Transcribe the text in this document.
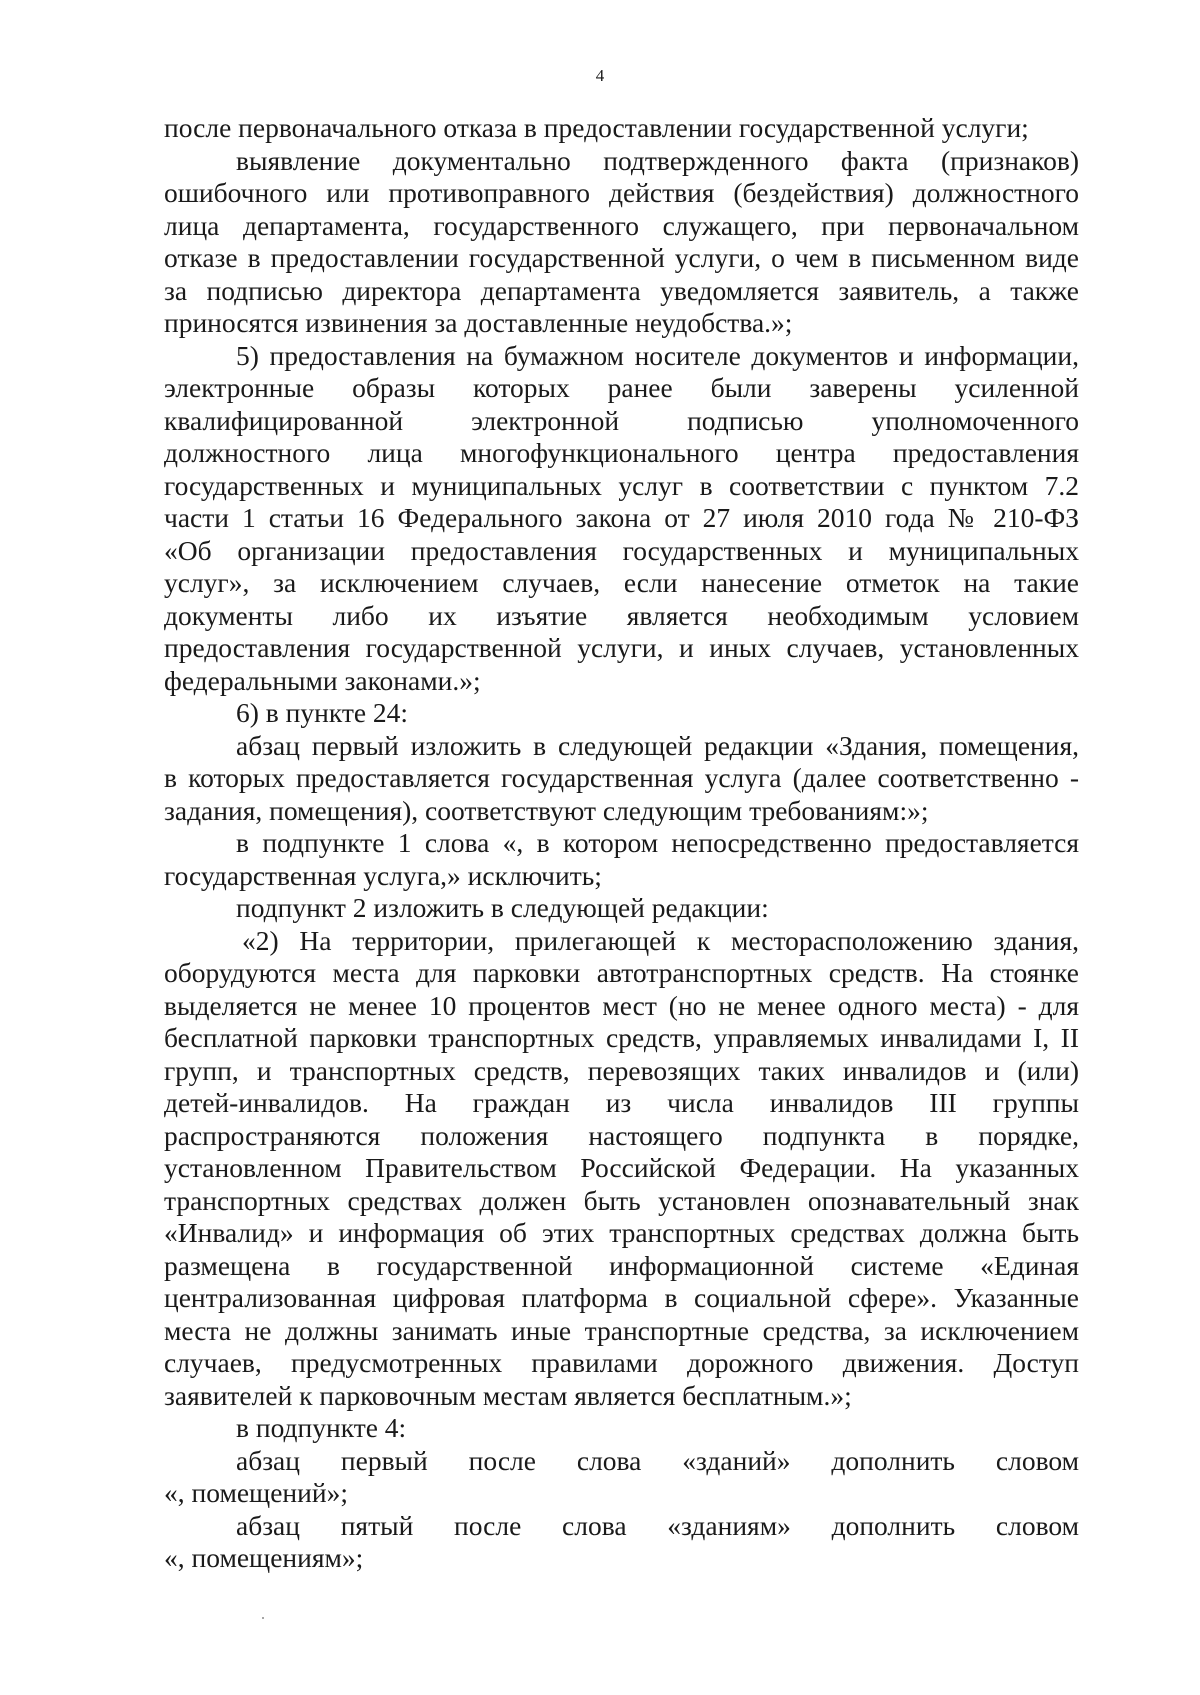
4
после первоначального отказа в предоставлении государственной услуги;
выявление документально подтвержденного факта (признаков)
ошибочного или противоправного действия (бездействия) должностного
лица департамента, государственного служащего, при первоначальном
отказе в предоставлении государственной услуги, о чем в письменном виде
за подписью директора департамента уведомляется заявитель, а также
приносятся извинения за доставленные неудобства.»;
5) предоставления на бумажном носителе документов и информации,
электронные образы которых ранее были заверены усиленной
квалифицированной электронной подписью уполномоченного
должностного лица многофункционального центра предоставления
государственных и муниципальных услуг в соответствии с пунктом 7.2
части 1 статьи 16 Федерального закона от 27 июля 2010 года № 210-ФЗ
«Об организации предоставления государственных и муниципальных
услуг», за исключением случаев, если нанесение отметок на такие
документы либо их изъятие является необходимым условием
предоставления государственной услуги, и иных случаев, установленных
федеральными законами.»;
6) в пункте 24:
абзац первый изложить в следующей редакции «Здания, помещения,
в которых предоставляется государственная услуга (далее соответственно -
задания, помещения), соответствуют следующим требованиям:»;
в подпункте 1 слова «, в котором непосредственно предоставляется
государственная услуга,» исключить;
подпункт 2 изложить в следующей редакции:
«2) На территории, прилегающей к месторасположению здания,
оборудуются места для парковки автотранспортных средств. На стоянке
выделяется не менее 10 процентов мест (но не менее одного места) - для
бесплатной парковки транспортных средств, управляемых инвалидами I, II
групп, и транспортных средств, перевозящих таких инвалидов и (или)
детей-инвалидов. На граждан из числа инвалидов III группы
распространяются положения настоящего подпункта в порядке,
установленном Правительством Российской Федерации. На указанных
транспортных средствах должен быть установлен опознавательный знак
«Инвалид» и информация об этих транспортных средствах должна быть
размещена в государственной информационной системе «Единая
централизованная цифровая платформа в социальной сфере». Указанные
места не должны занимать иные транспортные средства, за исключением
случаев, предусмотренных правилами дорожного движения. Доступ
заявителей к парковочным местам является бесплатным.»;
в подпункте 4:
абзац первый после слова «зданий» дополнить словом
«, помещений»;
абзац пятый после слова «зданиям» дополнить словом
«, помещениям»;
